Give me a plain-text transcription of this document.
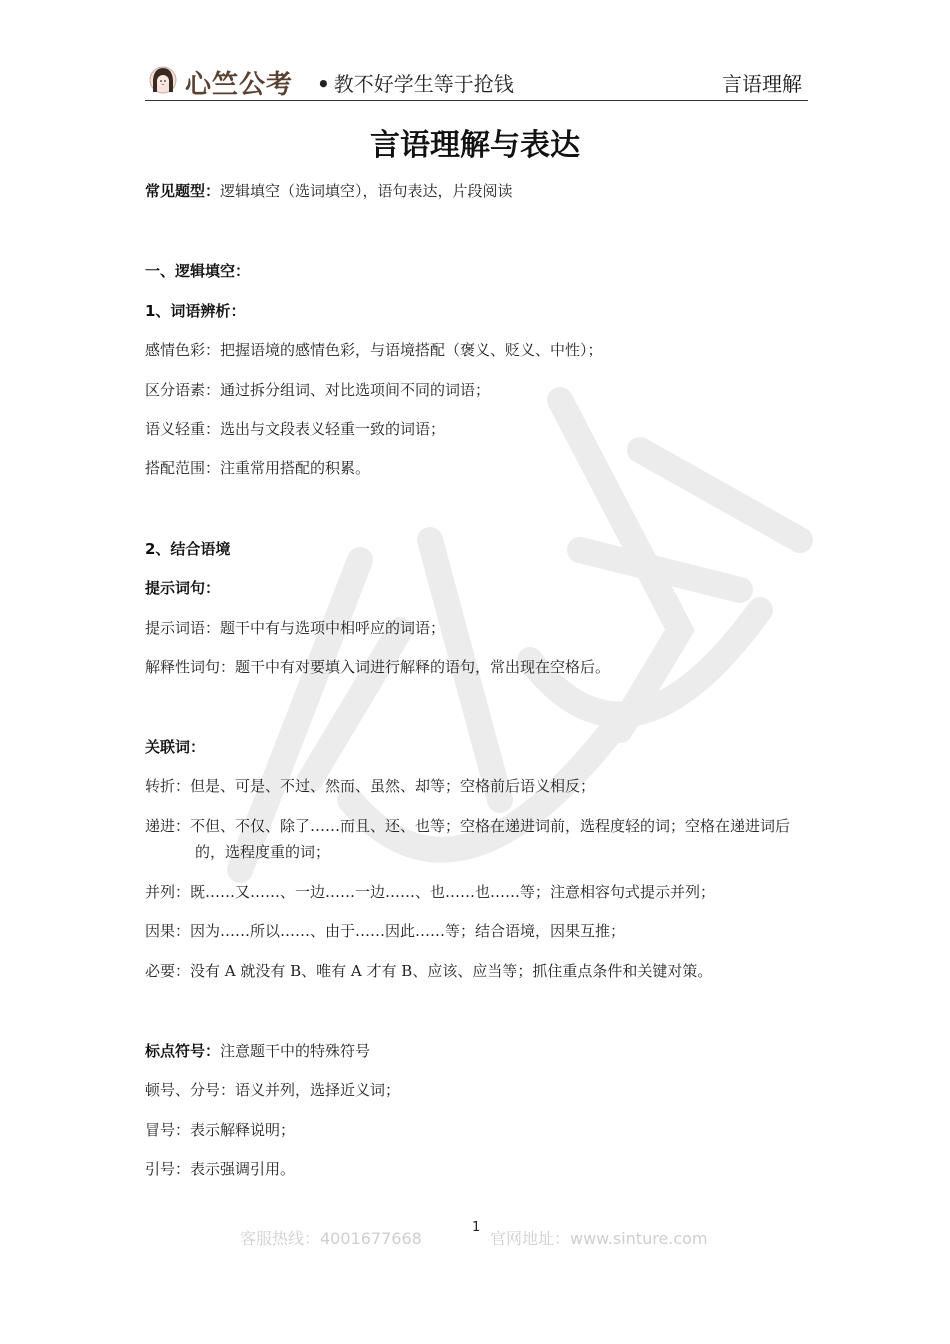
心竺公考 • 教不好学生等于抢钱	言语理解
言语理解与表达
常见题型：逻辑填空（选词填空），语句表达，片段阅读
一、逻辑填空：
1、词语辨析：
感情色彩：把握语境的感情色彩，与语境搭配（褒义、贬义、中性）；
区分语素：通过拆分组词、对比选项间不同的词语；
语义轻重：选出与文段表义轻重一致的词语；
搭配范围：注重常用搭配的积累。
2、结合语境
提示词句：
提示词语：题干中有与选项中相呼应的词语；
解释性词句：题干中有对要填入词进行解释的语句，常出现在空格后。
关联词：
转折：但是、可是、不过、然而、虽然、却等；空格前后语义相反；
递进：不但、不仅、除了……而且、还、也等；空格在递进词前，选程度轻的词；空格在递进词后的，选程度重的词；
并列：既……又……、一边……一边……、也……也……等；注意相容句式提示并列；
因果：因为……所以……、由于……因此……等；结合语境，因果互推；
必要：没有 A 就没有 B、唯有 A 才有 B、应该、应当等；抓住重点条件和关键对策。
标点符号：注意题干中的特殊符号
顿号、分号：语义并列，选择近义词；
冒号：表示解释说明；
引号：表示强调引用。
客服热线：4001677668
1
官网地址：www.sinture.com
